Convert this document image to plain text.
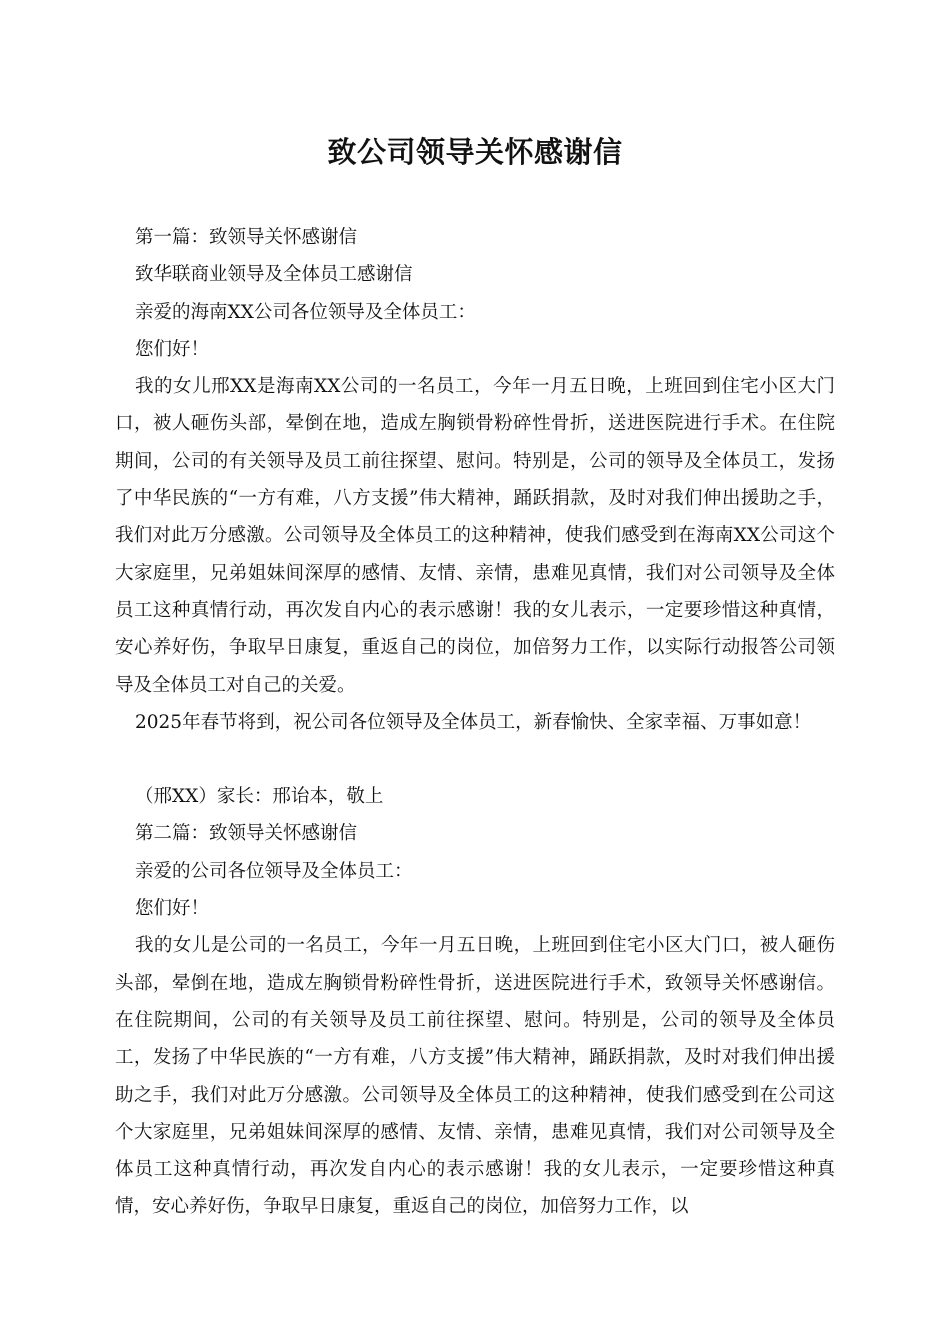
致公司领导关怀感谢信
第一篇：致领导关怀感谢信
致华联商业领导及全体员工感谢信
亲爱的海南XX公司各位领导及全体员工：
您们好！

我的女儿邢XX是海南XX公司的一名员工，今年一月五日晚，上班回到住宅小区大门口，被人砸伤头部，晕倒在地，造成左胸锁骨粉碎性骨折，送进医院进行手术。在住院期间，公司的有关领导及员工前往探望、慰问。特别是，公司的领导及全体员工，发扬了中华民族的“一方有难，八方支援”伟大精神，踊跃捐款，及时对我们伸出援助之手，我们对此万分感激。公司领导及全体员工的这种精神，使我们感受到在海南XX公司这个大家庭里，兄弟姐妹间深厚的感情、友情、亲情，患难见真情，我们对公司领导及全体员工这种真情行动，再次发自内心的表示感谢！我的女儿表示，一定要珍惜这种真情，安心养好伤，争取早日康复，重返自己的岗位，加倍努力工作，以实际行动报答公司领导及全体员工对自己的关爱。

2025年春节将到，祝公司各位领导及全体员工，新春愉快、全家幸福、万事如意！
（邢XX）家长：邢诒本，敬上
第二篇：致领导关怀感谢信
亲爱的公司各位领导及全体员工：
您们好！

我的女儿是公司的一名员工，今年一月五日晚，上班回到住宅小区大门口，被人砸伤头部，晕倒在地，造成左胸锁骨粉碎性骨折，送进医院进行手术，致领导关怀感谢信。在住院期间，公司的有关领导及员工前往探望、慰问。特别是，公司的领导及全体员工，发扬了中华民族的“一方有难，八方支援”伟大精神，踊跃捐款，及时对我们伸出援助之手，我们对此万分感激。公司领导及全体员工的这种精神，使我们感受到在公司这个大家庭里，兄弟姐妹间深厚的感情、友情、亲情，患难见真情，我们对公司领导及全体员工这种真情行动，再次发自内心的表示感谢！我的女儿表示，一定要珍惜这种真情，安心养好伤，争取早日康复，重返自己的岗位，加倍努力工作，以
